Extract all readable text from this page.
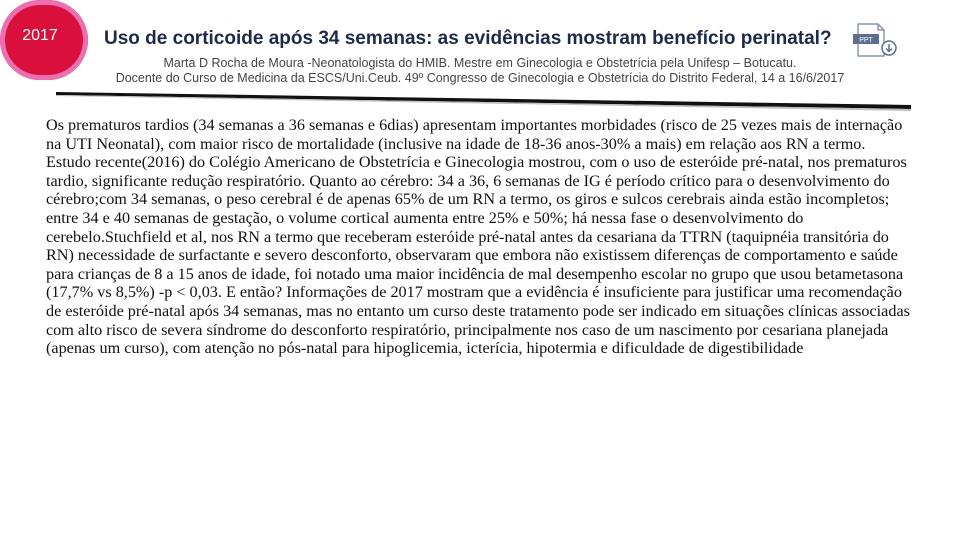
2017 Uso de corticoide após 34 semanas: as evidências mostram benefício perinatal?	PPT
Marta D Rocha de Moura -Neonatologista do HMIB. Mestre em Ginecologia e Obstetrícia pela Unifesp – Botucatu.
Docente do Curso de Medicina da ESCS/Uni.Ceub. 49º Congresso de Ginecologia e Obstetrícia do Distrito Federal, 14 a 16/6/2017
Os prematuros tardios (34 semanas a 36 semanas e 6dias) apresentam importantes morbidades (risco de 25 vezes mais de internação na UTI Neonatal), com maior risco de mortalidade (inclusive na idade de 18-36 anos-30% a mais) em relação aos RN a termo. Estudo recente(2016) do Colégio Americano de Obstetrícia e Ginecologia mostrou, com o uso de esteróide pré-natal, nos prematuros tardio, significante redução respiratório. Quanto ao cérebro: 34 a 36, 6 semanas de IG é período crítico para o desenvolvimento do cérebro;com 34 semanas, o peso cerebral é de apenas 65% de um RN a termo, os giros e sulcos cerebrais ainda estão incompletos; entre 34 e 40 semanas de gestação, o volume cortical aumenta entre 25% e 50%; há nessa fase o desenvolvimento do cerebelo.Stuchfield et al, nos RN a termo que receberam esteróide pré-natal antes da cesariana da TTRN (taquipnéia transitória do RN) necessidade de surfactante e severo desconforto, observaram que embora não existissem diferenças de comportamento e saúde para crianças de 8 a 15 anos de idade, foi notado uma maior incidência de mal desempenho escolar no grupo que usou betametasona (17,7% vs 8,5%) -p < 0,03. E então? Informações de 2017 mostram que a evidência é insuficiente para justificar uma recomendação de esteróide pré-natal após 34 semanas, mas no entanto um curso deste tratamento pode ser indicado em situações clínicas associadas com alto risco de severa síndrome do desconforto respiratório, principalmente nos caso de um nascimento por cesariana planejada (apenas um curso), com atenção no pós-natal para hipoglicemia, icterícia, hipotermia e dificuldade de digestibilidade
